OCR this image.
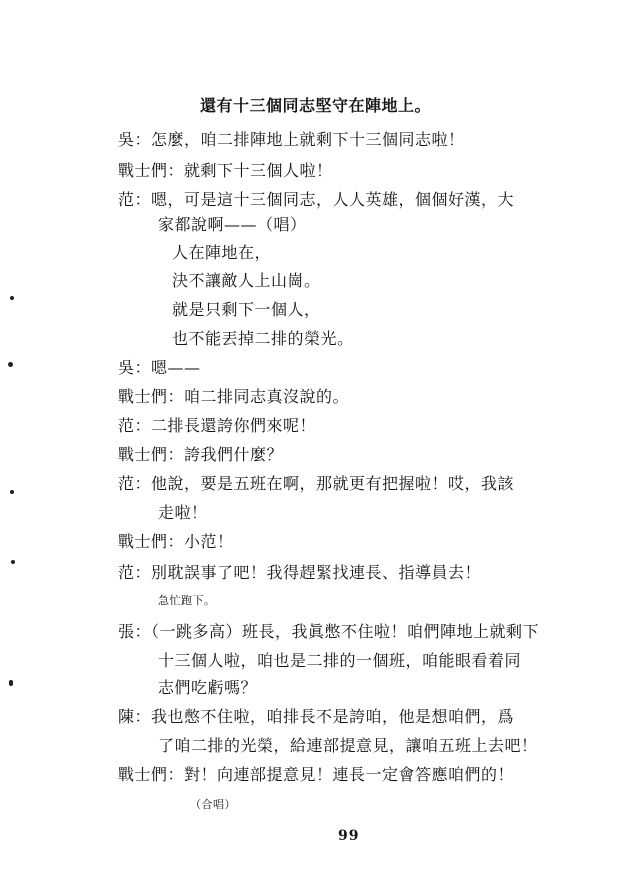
還有十三個同志堅守在陣地上。
吳：怎麼，咱二排陣地上就剩下十三個同志啦！
戰士們：就剩下十三個人啦！
范：嗯，可是這十三個同志，人人英雄，個個好漢，大
家都說啊——（唱）
人在陣地在，
決不讓敵人上山崗。
就是只剩下一個人，
也不能丟掉二排的榮光。
吳：嗯——
戰士們：咱二排同志真沒說的。
范：二排長還誇你們來呢！
戰士們：誇我們什麼？
范：他說，要是五班在啊，那就更有把握啦！哎，我該
走啦！
戰士們：小范！
范：別耽誤事了吧！我得趕緊找連長、指導員去！
急忙跑下。
張：（一跳多高）班長，我眞憋不住啦！咱們陣地上就剩下
十三個人啦，咱也是二排的一個班，咱能眼看着同
志們吃虧嗎？
陳：我也憋不住啦，咱排長不是誇咱，他是想咱們，爲
了咱二排的光榮，給連部提意見，讓咱五班上去吧！
戰士們：對！向連部提意見！連長一定會答應咱們的！
（合唱）
99
